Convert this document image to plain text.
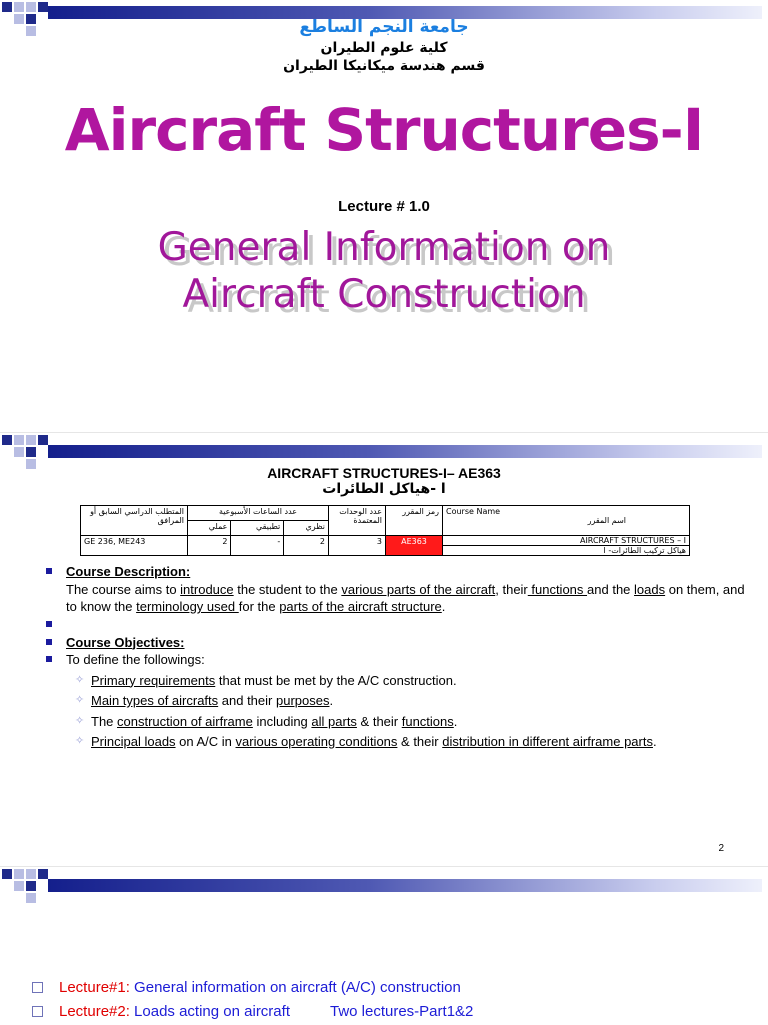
جامعة النجم الساطع
كلية علوم الطيران
قسم هندسة ميكانيكا الطيران
Aircraft Structures-I
Lecture # 1.0
General Information on
Aircraft Construction
AIRCRAFT STRUCTURES-I– AE363
ا -هياكل الطائرات
المتطلب الدراسي السابق أو المرافق	عدد الساعات الأسبوعية			عدد الوحدات المعتمدة	رمز المقرر	Course Name
اسم المقرر

	عملي	تطبيقي	نظري			
GE 236, ME243	2	-	2	3	AE363	AIRCRAFT STRUCTURES – I
هياكل تركيب الطائرات- ا
Course Description:
The course aims to introduce the student to the various parts of the aircraft, their functions and the loads on them, and to know the terminology used for the parts of the aircraft structure.
Course Objectives:
To define the followings:
✧ Primary requirements that must be met by the A/C construction.
✧ Main types of aircrafts and their purposes.
✧ The construction of airframe including all parts & their functions.
✧ Principal loads on A/C in various operating conditions & their distribution in different airframe parts.
2
Lecture#1: General information on aircraft (A/C) construction
Lecture#2: Loads acting on aircraft	Two lectures-Part1&2
